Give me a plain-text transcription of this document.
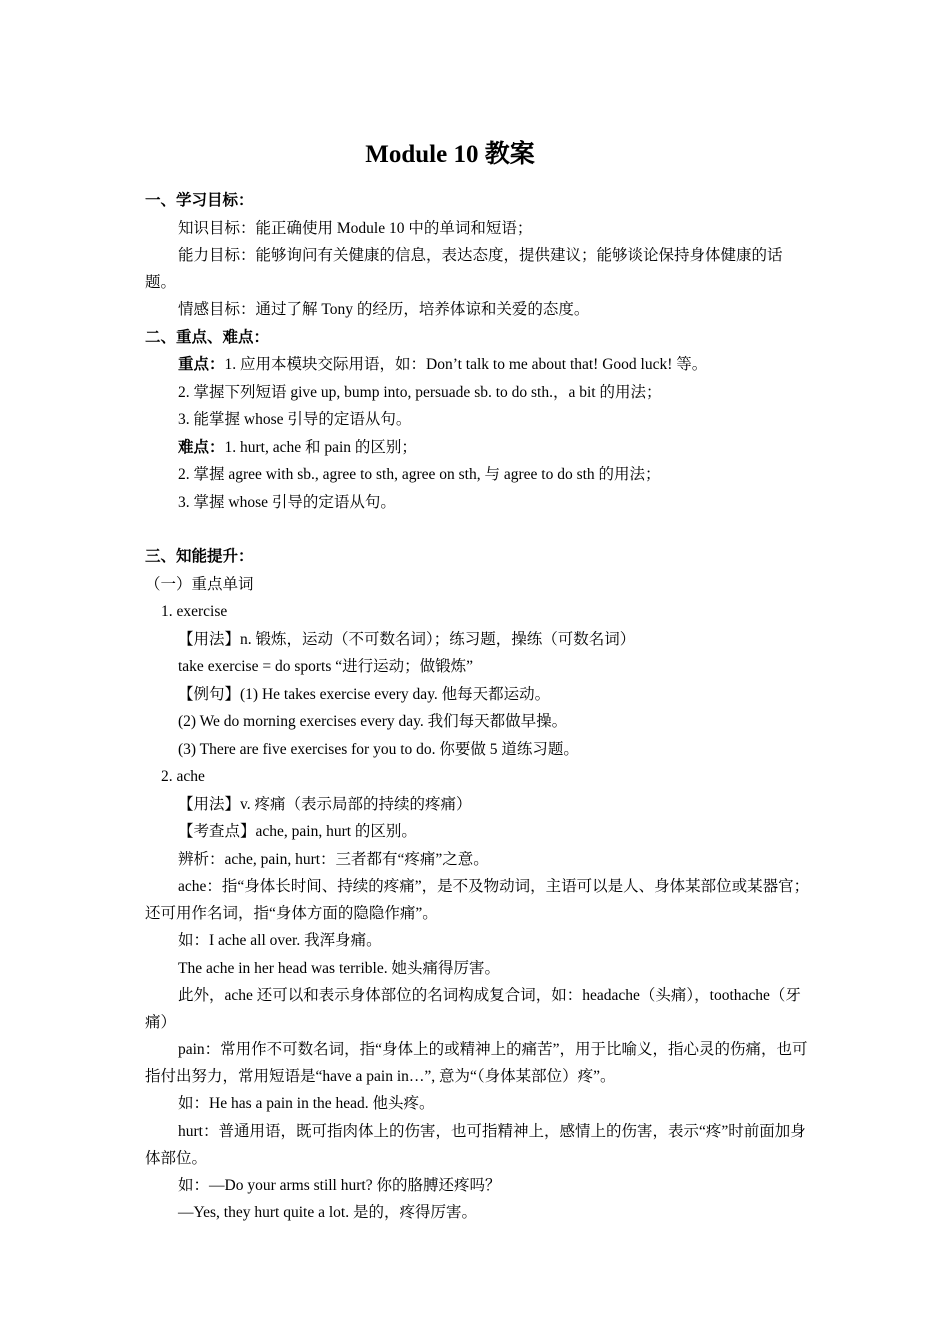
Module 10 教案

一、学习目标：

知识目标：能正确使用 Module 10 中的单词和短语；

能力目标：能够询问有关健康的信息，表达态度，提供建议；能够谈论保持身体健康的话题。

情感目标：通过了解 Tony 的经历，培养体谅和关爱的态度。

二、重点、难点：

重点：1. 应用本模块交际用语，如：Don’t talk to me about that! Good luck! 等。

2. 掌握下列短语 give up, bump into, persuade sb. to do sth.，a bit 的用法；

3. 能掌握 whose 引导的定语从句。

难点：1. hurt, ache 和 pain 的区别；

2. 掌握 agree with sb., agree to sth, agree on sth, 与 agree to do sth 的用法；

3. 掌握 whose 引导的定语从句。

三、知能提升：

（一）重点单词

1. exercise

【用法】n. 锻炼，运动（不可数名词）；练习题，操练（可数名词）

take exercise = do sports “进行运动；做锻炼”

【例句】(1) He takes exercise every day. 他每天都运动。

(2) We do morning exercises every day. 我们每天都做早操。

(3) There are five exercises for you to do. 你要做 5 道练习题。

2. ache

【用法】v. 疼痛（表示局部的持续的疼痛）

【考查点】ache, pain, hurt 的区别。

辨析：ache, pain, hurt：三者都有“疼痛”之意。

ache：指“身体长时间、持续的疼痛”，是不及物动词，主语可以是人、身体某部位或某器官；还可用作名词，指“身体方面的隐隐作痛”。

如：I ache all over. 我浑身痛。

The ache in her head was terrible. 她头痛得厉害。

此外，ache 还可以和表示身体部位的名词构成复合词，如：headache（头痛），toothache（牙痛）

pain：常用作不可数名词，指“身体上的或精神上的痛苦”，用于比喻义，指心灵的伤痛，也可指付出努力，常用短语是“have a pain in…”, 意为“（身体某部位）疼”。

如：He has a pain in the head. 他头疼。

hurt：普通用语，既可指肉体上的伤害，也可指精神上，感情上的伤害，表示“疼”时前面加身体部位。

如：—Do your arms still hurt? 你的胳膊还疼吗？

—Yes, they hurt quite a lot. 是的，疼得厉害。
